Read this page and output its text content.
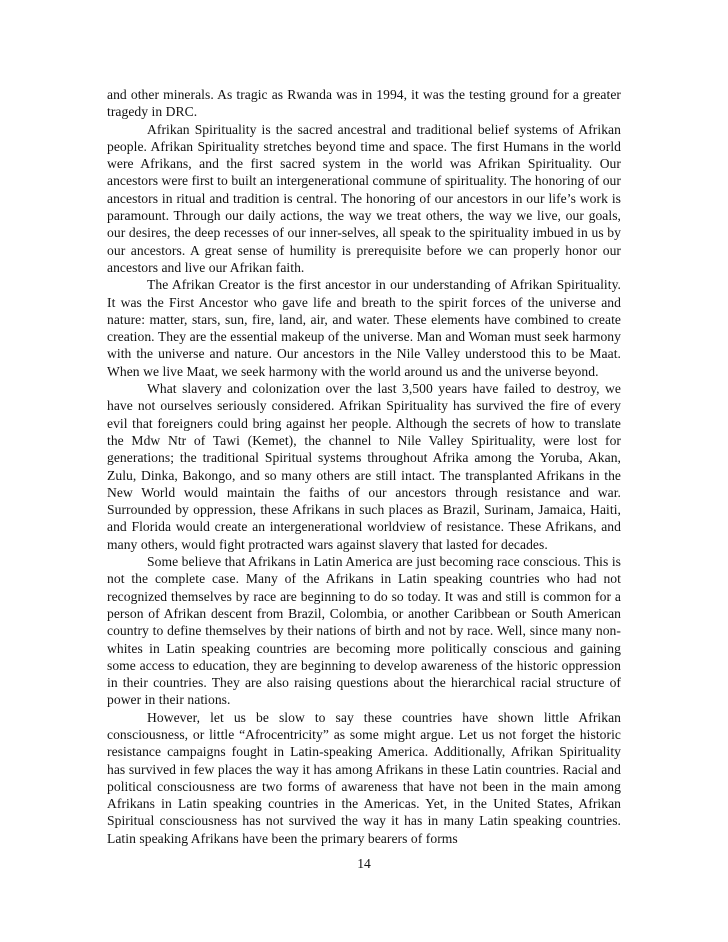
and other minerals. As tragic as Rwanda was in 1994, it was the testing ground for a greater tragedy in DRC.

Afrikan Spirituality is the sacred ancestral and traditional belief systems of Afrikan people. Afrikan Spirituality stretches beyond time and space. The first Humans in the world were Afrikans, and the first sacred system in the world was Afrikan Spirituality. Our ancestors were first to built an intergenerational commune of spirituality. The honoring of our ancestors in ritual and tradition is central. The honoring of our ancestors in our life’s work is paramount. Through our daily actions, the way we treat others, the way we live, our goals, our desires, the deep recesses of our inner-selves, all speak to the spirituality imbued in us by our ancestors. A great sense of humility is prerequisite before we can properly honor our ancestors and live our Afrikan faith.

The Afrikan Creator is the first ancestor in our understanding of Afrikan Spirituality. It was the First Ancestor who gave life and breath to the spirit forces of the universe and nature: matter, stars, sun, fire, land, air, and water. These elements have combined to create creation. They are the essential makeup of the universe. Man and Woman must seek harmony with the universe and nature. Our ancestors in the Nile Valley understood this to be Maat. When we live Maat, we seek harmony with the world around us and the universe beyond.

What slavery and colonization over the last 3,500 years have failed to destroy, we have not ourselves seriously considered. Afrikan Spirituality has survived the fire of every evil that foreigners could bring against her people. Although the secrets of how to translate the Mdw Ntr of Tawi (Kemet), the channel to Nile Valley Spirituality, were lost for generations; the traditional Spiritual systems throughout Afrika among the Yoruba, Akan, Zulu, Dinka, Bakongo, and so many others are still intact. The transplanted Afrikans in the New World would maintain the faiths of our ancestors through resistance and war. Surrounded by oppression, these Afrikans in such places as Brazil, Surinam, Jamaica, Haiti, and Florida would create an intergenerational worldview of resistance. These Afrikans, and many others, would fight protracted wars against slavery that lasted for decades.

Some believe that Afrikans in Latin America are just becoming race conscious. This is not the complete case. Many of the Afrikans in Latin speaking countries who had not recognized themselves by race are beginning to do so today. It was and still is common for a person of Afrikan descent from Brazil, Colombia, or another Caribbean or South American country to define themselves by their nations of birth and not by race. Well, since many non-whites in Latin speaking countries are becoming more politically conscious and gaining some access to education, they are beginning to develop awareness of the historic oppression in their countries. They are also raising questions about the hierarchical racial structure of power in their nations.

However, let us be slow to say these countries have shown little Afrikan consciousness, or little “Afrocentricity” as some might argue. Let us not forget the historic resistance campaigns fought in Latin-speaking America. Additionally, Afrikan Spirituality has survived in few places the way it has among Afrikans in these Latin countries. Racial and political consciousness are two forms of awareness that have not been in the main among Afrikans in Latin speaking countries in the Americas. Yet, in the United States, Afrikan Spiritual consciousness has not survived the way it has in many Latin speaking countries. Latin speaking Afrikans have been the primary bearers of forms

14
